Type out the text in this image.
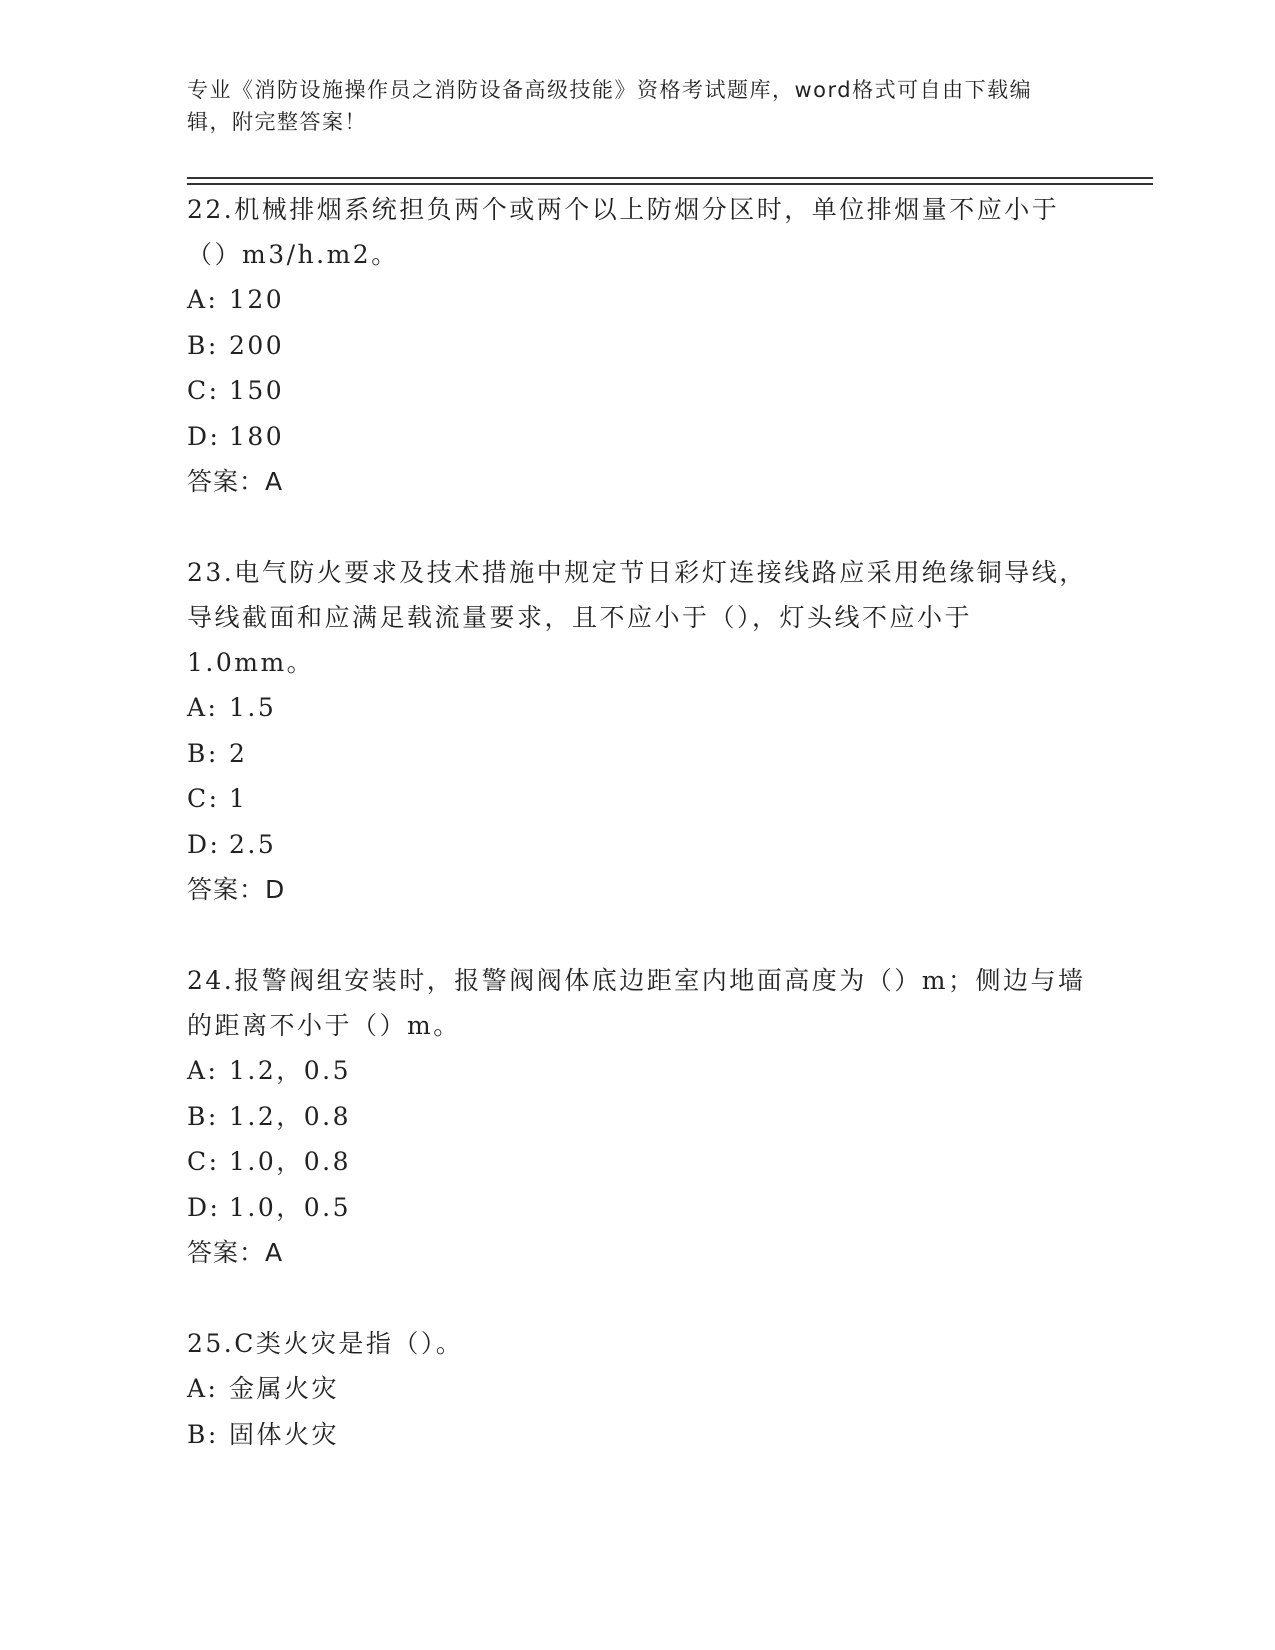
专业《消防设施操作员之消防设备高级技能》资格考试题库，word格式可自由下载编辑，附完整答案！

22.机械排烟系统担负两个或两个以上防烟分区时，单位排烟量不应小于（）m3/h.m2。

A: 120

B: 200

C: 150

D: 180

答案：A

23.电气防火要求及技术措施中规定节日彩灯连接线路应采用绝缘铜导线，导线截面和应满足载流量要求，且不应小于（），灯头线不应小于1.0mm。

A: 1.5

B: 2

C: 1

D: 2.5

答案：D

24.报警阀组安装时，报警阀阀体底边距室内地面高度为（）m；侧边与墙的距离不小于（）m。

A: 1.2，0.5

B: 1.2，0.8

C: 1.0，0.8

D: 1.0，0.5

答案：A

25.C类火灾是指（）。

A: 金属火灾

B: 固体火灾
